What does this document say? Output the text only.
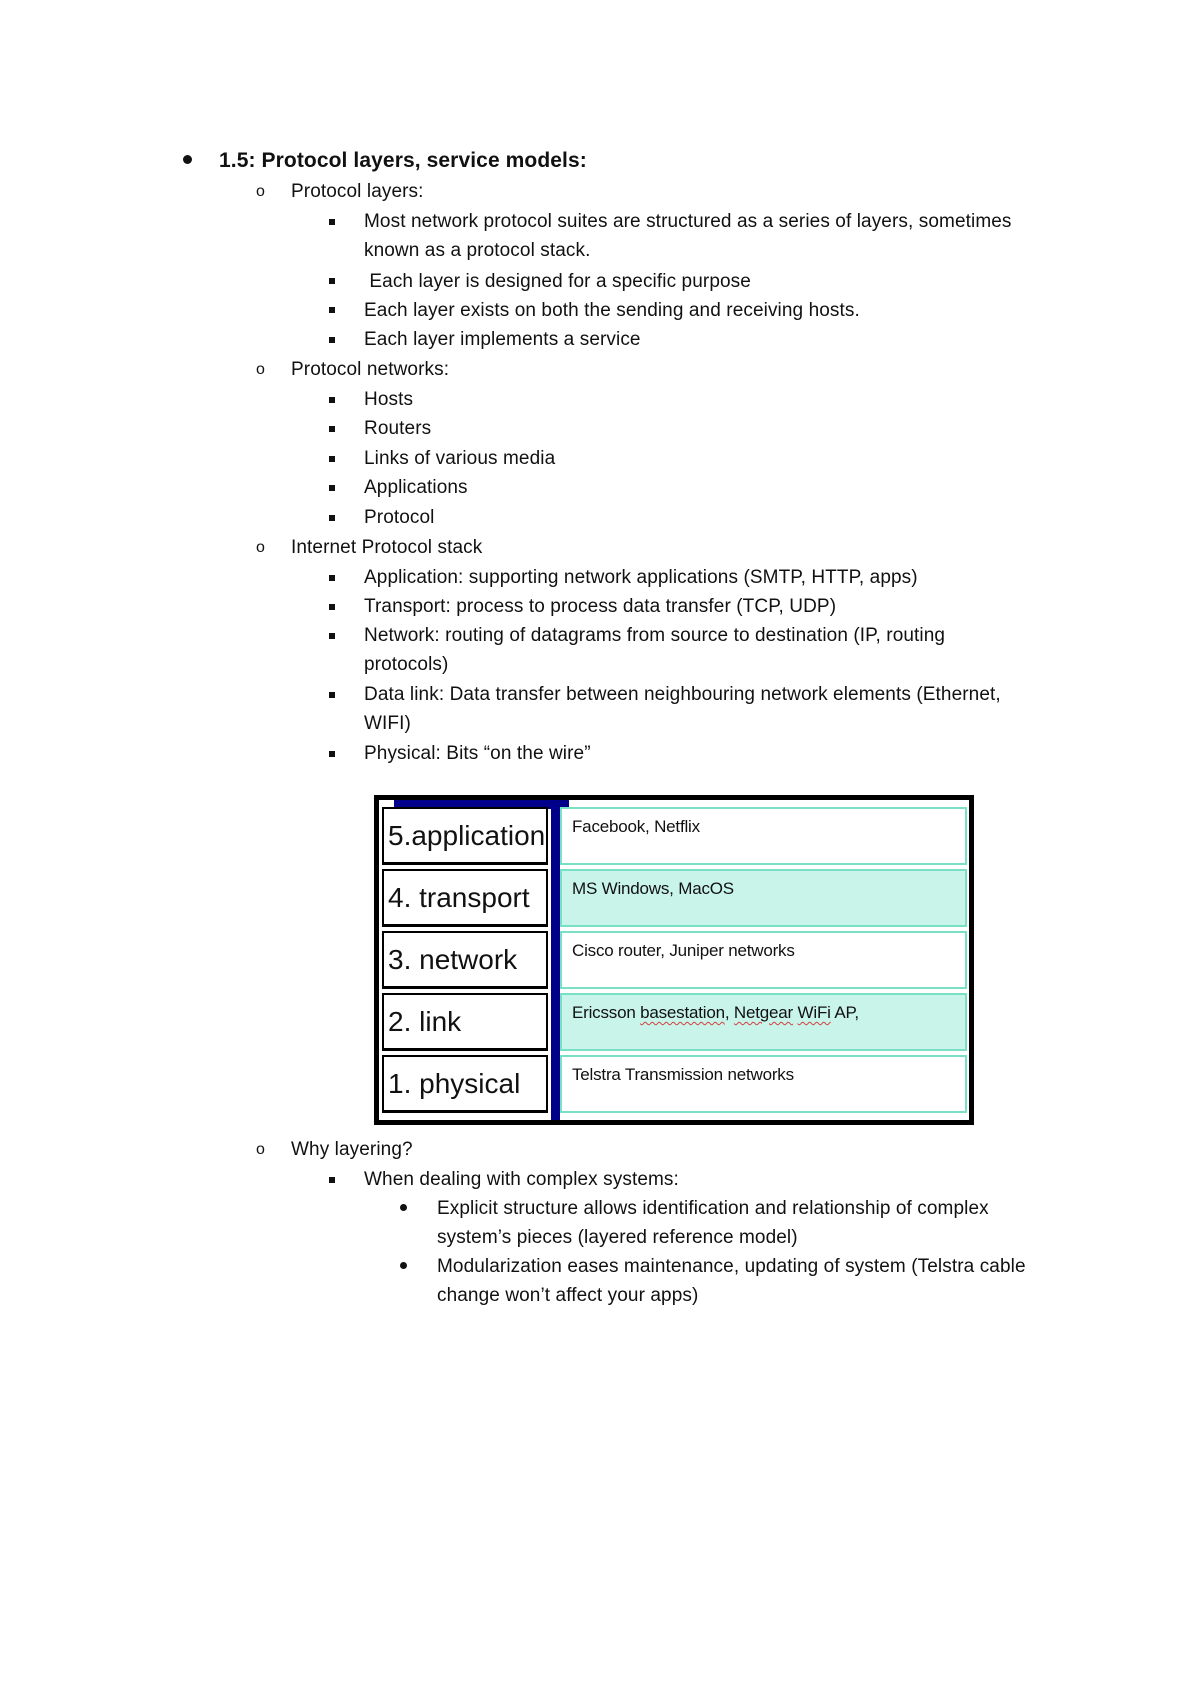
1.5: Protocol layers, service models:
o Protocol layers:
Most network protocol suites are structured as a series of layers, sometimes
known as a protocol stack.
Each layer is designed for a specific purpose
Each layer exists on both the sending and receiving hosts.
Each layer implements a service
o Protocol networks:
Hosts
Routers
Links of various media
Applications
Protocol
o Internet Protocol stack
Application: supporting network applications (SMTP, HTTP, apps)
Transport: process to process data transfer (TCP, UDP)
Network: routing of datagrams from source to destination (IP, routing
protocols)
Data link: Data transfer between neighbouring network elements (Ethernet,
WIFI)
Physical: Bits “on the wire”
5.application	Facebook, Netflix
4. transport	MS Windows, MacOS
3. network	Cisco router, Juniper networks
2. link	Ericsson basestation, Netgear WiFi AP,
1. physical	Telstra Transmission networks
o Why layering?
When dealing with complex systems:
Explicit structure allows identification and relationship of complex
system’s pieces (layered reference model)
Modularization eases maintenance, updating of system (Telstra cable
change won’t affect your apps)
